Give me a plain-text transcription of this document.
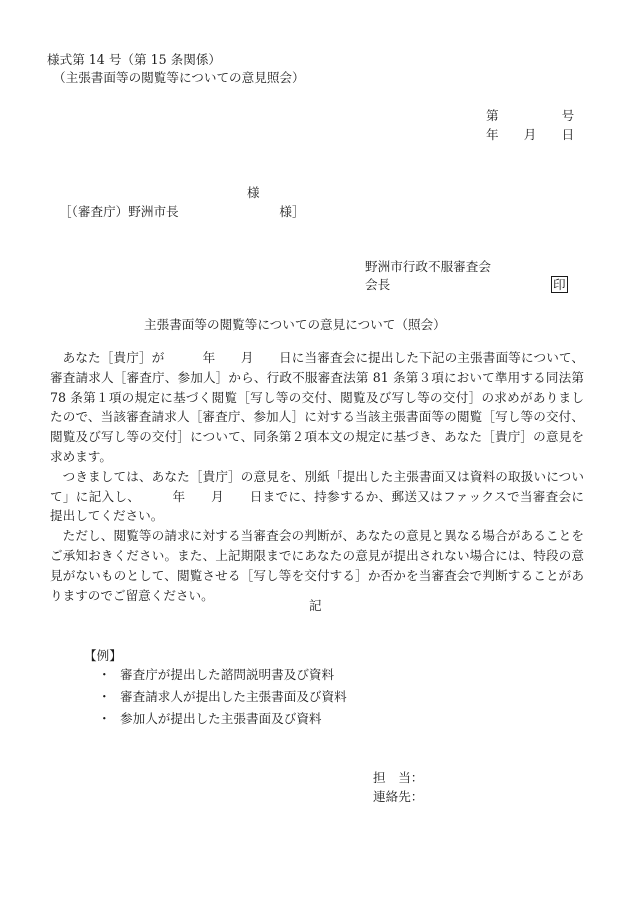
様式第 14 号（第 15 条関係）
（主張書面等の閲覧等についての意見照会）
第　　　　　号
年　　月　　日
様
［（審査庁）野洲市長　　　　　　　　様］
野洲市行政不服審査会
会長	印
主張書面等の閲覧等についての意見について（照会）

あなた［貴庁］が　　　年　　月　　日に当審査会に提出した下記の主張書面等について、審査請求人［審査庁、参加人］から、行政不服審査法第 81 条第３項において準用する同法第 78 条第１項の規定に基づく閲覧［写し等の交付、閲覧及び写し等の交付］の求めがありましたので、当該審査請求人［審査庁、参加人］に対する当該主張書面等の閲覧［写し等の交付、閲覧及び写し等の交付］について、同条第２項本文の規定に基づき、あなた［貴庁］の意見を求めます。

つきましては、あなた［貴庁］の意見を、別紙「提出した主張書面又は資料の取扱いについて」に記入し、　　　年　　月　　日までに、持参するか、郵送又はファックスで当審査会に提出してください。

ただし、閲覧等の請求に対する当審査会の判断が、あなたの意見と異なる場合があることをご承知おきください。また、上記期限までにあなたの意見が提出されない場合には、特段の意見がないものとして、閲覧させる［写し等を交付する］か否かを当審査会で判断することがありますのでご留意ください。

記
【例】
・ 審査庁が提出した諮問説明書及び資料
・ 審査請求人が提出した主張書面及び資料
・ 参加人が提出した主張書面及び資料
担　当：
連絡先：
